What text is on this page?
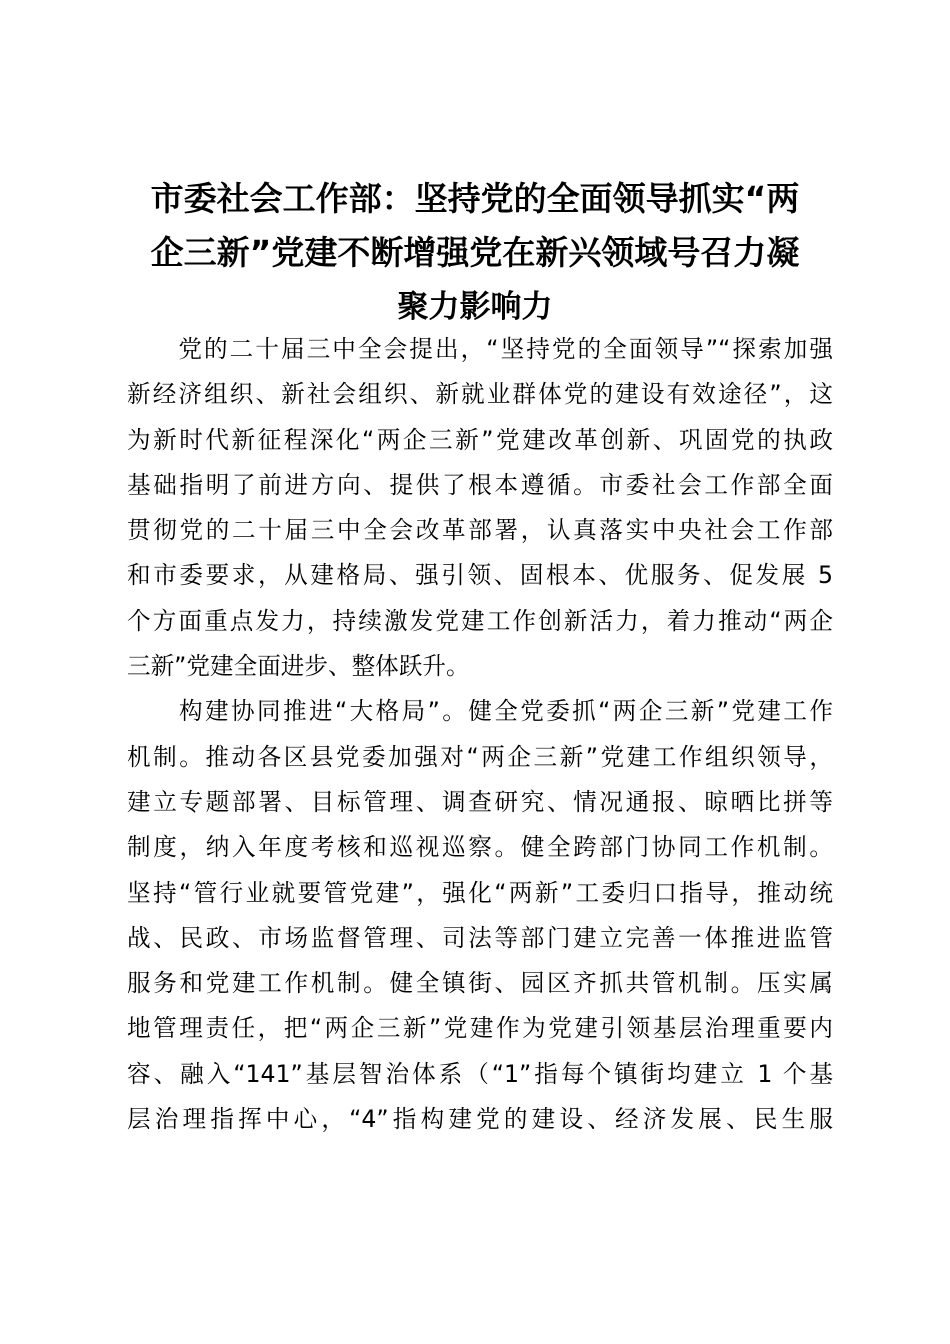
市委社会工作部：坚持党的全面领导抓实“两
企三新”党建不断增强党在新兴领域号召力凝
聚力影响力

　　党的二十届三中全会提出，“坚持党的全面领导”“探索加强
新经济组织、新社会组织、新就业群体党的建设有效途径”，这
为新时代新征程深化“两企三新”党建改革创新、巩固党的执政
基础指明了前进方向、提供了根本遵循。市委社会工作部全面
贯彻党的二十届三中全会改革部署，认真落实中央社会工作部
和市委要求，从建格局、强引领、固根本、优服务、促发展 5
个方面重点发力，持续激发党建工作创新活力，着力推动“两企
三新”党建全面进步、整体跃升。

　　构建协同推进“大格局”。健全党委抓“两企三新”党建工作
机制。推动各区县党委加强对“两企三新”党建工作组织领导，
建立专题部署、目标管理、调查研究、情况通报、晾晒比拼等
制度，纳入年度考核和巡视巡察。健全跨部门协同工作机制。
坚持“管行业就要管党建”，强化“两新”工委归口指导，推动统
战、民政、市场监督管理、司法等部门建立完善一体推进监管
服务和党建工作机制。健全镇街、园区齐抓共管机制。压实属
地管理责任，把“两企三新”党建作为党建引领基层治理重要内
容、融入“141”基层智治体系（“1”指每个镇街均建立 1 个基
层治理指挥中心，“4”指构建党的建设、经济发展、民生服
